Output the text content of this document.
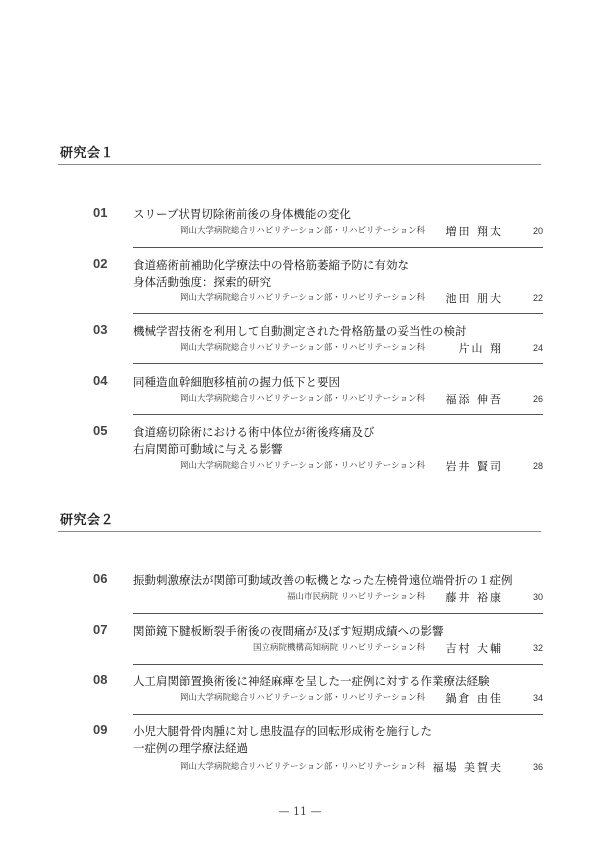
研究会１
01 スリーブ状胃切除術前後の身体機能の変化
岡山大学病院総合リハビリテーション部・リハビリテーション科 増田 翔太	20
02 食道癌術前補助化学療法中の骨格筋萎縮予防に有効な
身体活動強度：探索的研究
岡山大学病院総合リハビリテーション部・リハビリテーション科 池田 朋大	22
03 機械学習技術を利用して自動測定された骨格筋量の妥当性の検討
岡山大学病院総合リハビリテーション部・リハビリテーション科	片山 翔	24
04 同種造血幹細胞移植前の握力低下と要因
岡山大学病院総合リハビリテーション部・リハビリテーション科 福添 伸吾	26
05 食道癌切除術における術中体位が術後疼痛及び
右肩関節可動域に与える影響
岡山大学病院総合リハビリテーション部・リハビリテーション科 岩井 賢司	28
研究会２
06 振動刺激療法が関節可動域改善の転機となった左橈骨遠位端骨折の１症例
福山市民病院 リハビリテーション科 藤井 裕康	30
07 関節鏡下腱板断裂手術後の夜間痛が及ぼす短期成績への影響
国立病院機構高知病院 リハビリテーション科 吉村 大輔	32
08 人工肩関節置換術後に神経麻痺を呈した一症例に対する作業療法経験
岡山大学病院総合リハビリテーション部・リハビリテーション科 鍋倉 由佳	34
09 小児大腿骨骨肉腫に対し患肢温存的回転形成術を施行した
一症例の理学療法経過
岡山大学病院総合リハビリテーション部・リハビリテーション科 福場 美賀夫	36
— 11 —
